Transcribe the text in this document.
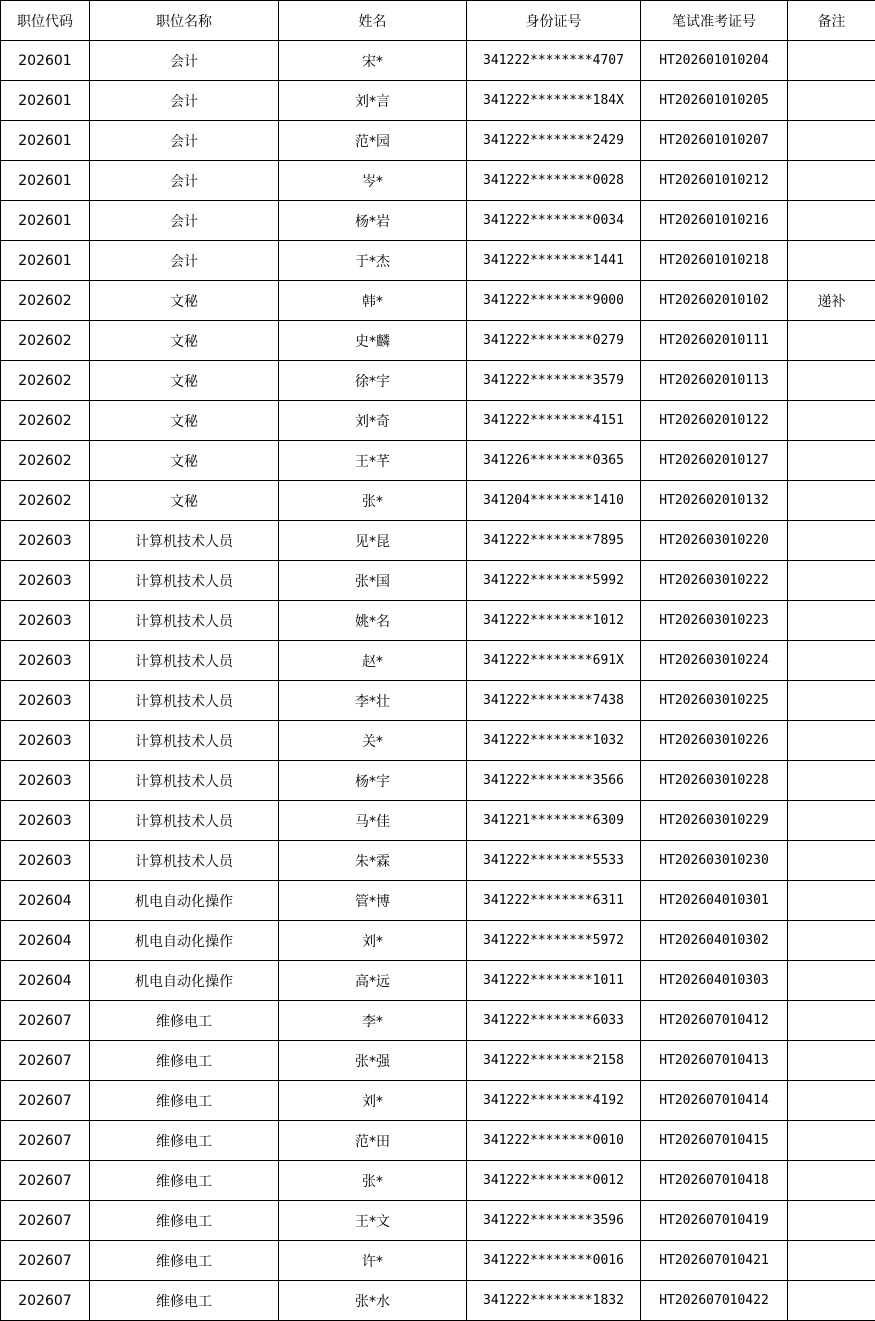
职位代码	职位名称	姓名	身份证号	笔试准考证号	备注
202601	会计	宋*	341222********4707	HT202601010204	
202601	会计	刘*言	341222********184X	HT202601010205	
202601	会计	范*园	341222********2429	HT202601010207	
202601	会计	岑*	341222********0028	HT202601010212	
202601	会计	杨*岩	341222********0034	HT202601010216	
202601	会计	于*杰	341222********1441	HT202601010218	
202602	文秘	韩*	341222********9000	HT202602010102	递补
202602	文秘	史*麟	341222********0279	HT202602010111	
202602	文秘	徐*宇	341222********3579	HT202602010113	
202602	文秘	刘*奇	341222********4151	HT202602010122	
202602	文秘	王*芊	341226********0365	HT202602010127	
202602	文秘	张*	341204********1410	HT202602010132	
202603	计算机技术人员	见*昆	341222********7895	HT202603010220	
202603	计算机技术人员	张*国	341222********5992	HT202603010222	
202603	计算机技术人员	姚*名	341222********1012	HT202603010223	
202603	计算机技术人员	赵*	341222********691X	HT202603010224	
202603	计算机技术人员	李*壮	341222********7438	HT202603010225	
202603	计算机技术人员	关*	341222********1032	HT202603010226	
202603	计算机技术人员	杨*宇	341222********3566	HT202603010228	
202603	计算机技术人员	马*佳	341221********6309	HT202603010229	
202603	计算机技术人员	朱*霖	341222********5533	HT202603010230	
202604	机电自动化操作	管*博	341222********6311	HT202604010301	
202604	机电自动化操作	刘*	341222********5972	HT202604010302	
202604	机电自动化操作	高*远	341222********1011	HT202604010303	
202607	维修电工	李*	341222********6033	HT202607010412	
202607	维修电工	张*强	341222********2158	HT202607010413	
202607	维修电工	刘*	341222********4192	HT202607010414	
202607	维修电工	范*田	341222********0010	HT202607010415	
202607	维修电工	张*	341222********0012	HT202607010418	
202607	维修电工	王*文	341222********3596	HT202607010419	
202607	维修电工	许*	341222********0016	HT202607010421	
202607	维修电工	张*水	341222********1832	HT202607010422	
